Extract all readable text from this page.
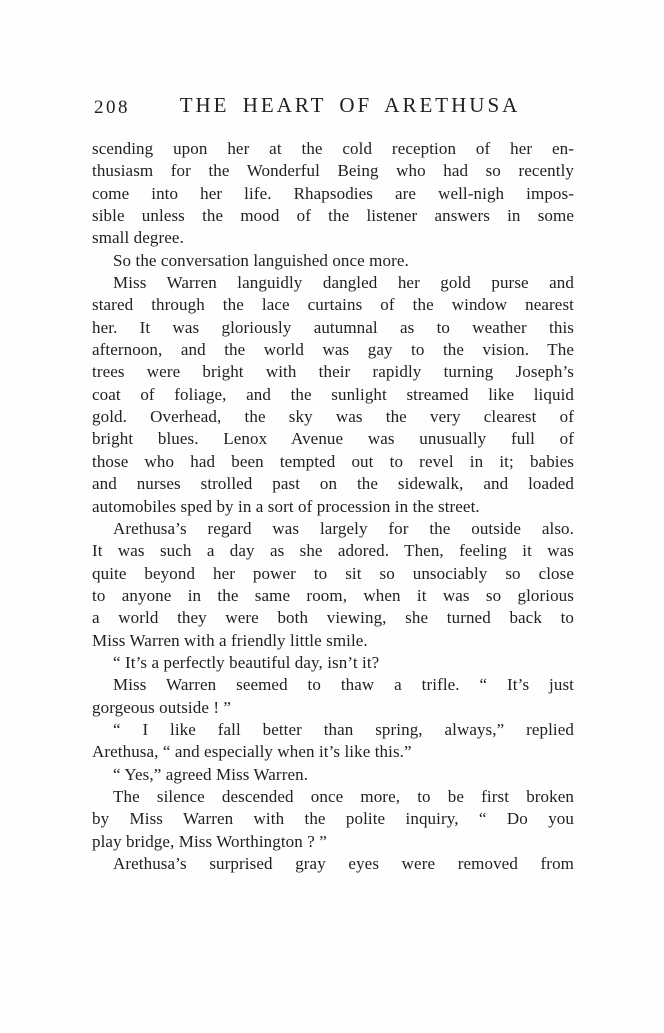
208	THE HEART OF ARETHUSA
scending upon her at the cold reception of her en-
thusiasm for the Wonderful Being who had so recently
come into her life. Rhapsodies are well-nigh impos-
sible unless the mood of the listener answers in some
small degree.
So the conversation languished once more.
Miss Warren languidly dangled her gold purse and
stared through the lace curtains of the window nearest
her. It was gloriously autumnal as to weather this
afternoon, and the world was gay to the vision. The
trees were bright with their rapidly turning Joseph’s
coat of foliage, and the sunlight streamed like liquid
gold. Overhead, the sky was the very clearest of
bright blues. Lenox Avenue was unusually full of
those who had been tempted out to revel in it; babies
and nurses strolled past on the sidewalk, and loaded
automobiles sped by in a sort of procession in the street.
Arethusa’s regard was largely for the outside also.
It was such a day as she adored. Then, feeling it was
quite beyond her power to sit so unsociably so close
to anyone in the same room, when it was so glorious
a world they were both viewing, she turned back to
Miss Warren with a friendly little smile.
“ It’s a perfectly beautiful day, isn’t it?
Miss Warren seemed to thaw a trifle. “ It’s just
gorgeous outside ! ”
“ I like fall better than spring, always,” replied
Arethusa, “ and especially when it’s like this.”
“ Yes,” agreed Miss Warren.
The silence descended once more, to be first broken
by Miss Warren with the polite inquiry, “ Do you
play bridge, Miss Worthington ? ”
Arethusa’s surprised gray eyes were removed from
